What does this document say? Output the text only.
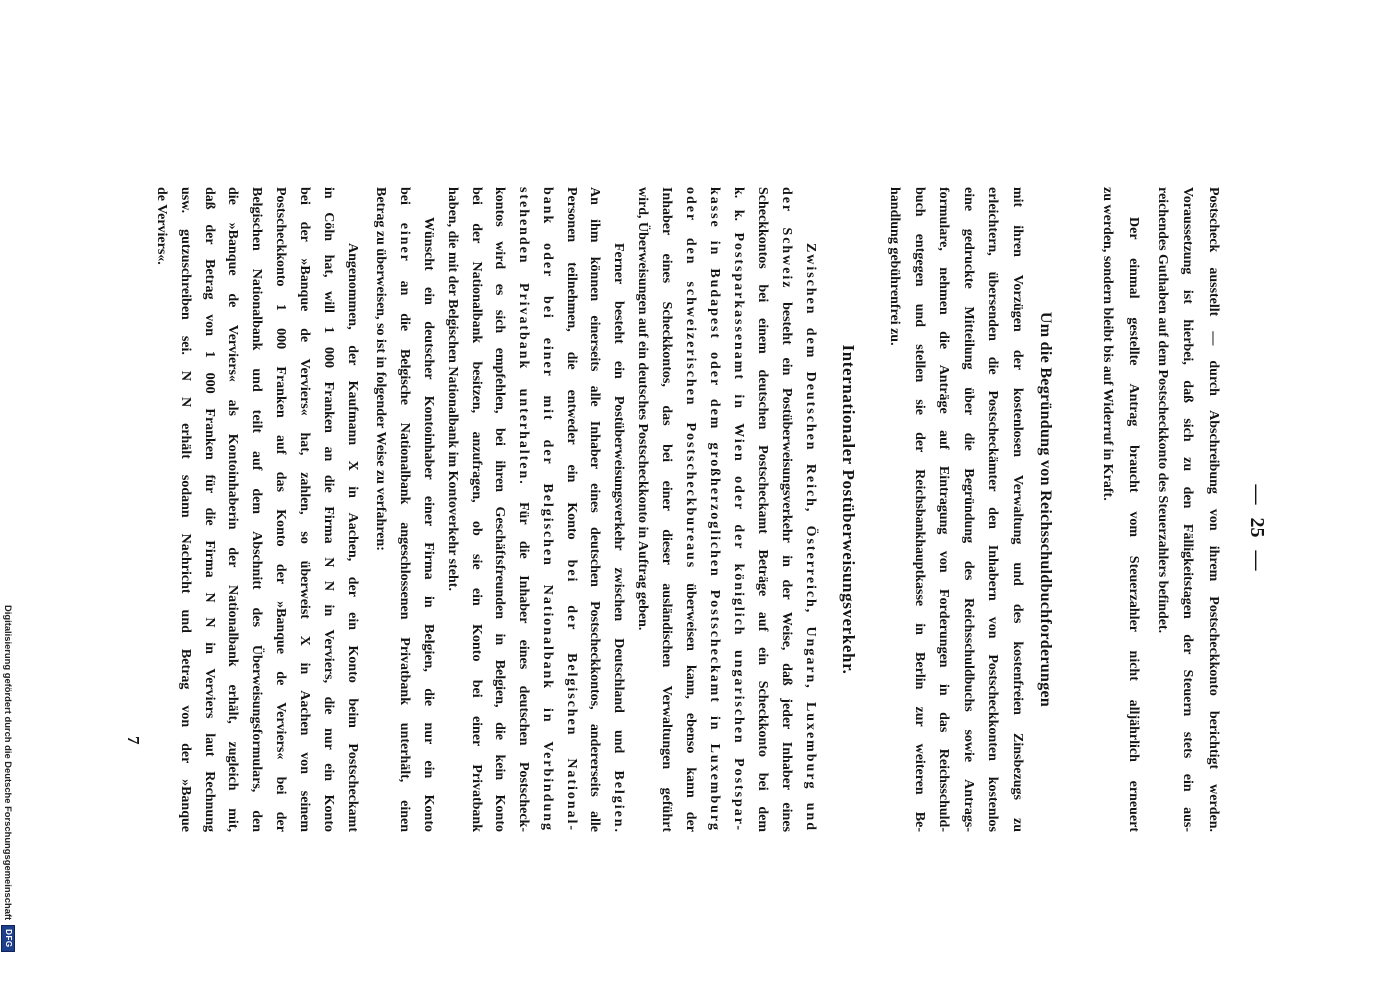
— 25 —
Postscheck ausstellt — durch Abschreibung von ihrem Postscheckkonto berichtigt werden.
Voraussetzung ist hierbei, daß sich zu den Fälligkeitstagen der Steuern stets ein aus-
reichendes Guthaben auf dem Postscheckkonto des Steuerzahlers befindet.
Der einmal gestellte Antrag braucht vom Steuerzahler nicht alljährlich erneuert
zu werden, sondern bleibt bis auf Widerruf in Kraft.
Um die Begründung von Reichsschuldbuchforderungen
mit ihren Vorzügen der kostenlosen Verwaltung und des kostenfreien Zinsbezugs zu
erleichtern, übersenden die Postscheckämter den Inhabern von Postscheckkonten kostenlos
eine gedruckte Mitteilung über die Begründung des Reichsschuldbuchs sowie Antrags-
formulare, nehmen die Anträge auf Eintragung von Forderungen in das Reichsschuld-
buch entgegen und stellen sie der Reichsbankhauptkasse in Berlin zur weiteren Be-
handlung gebührenfrei zu.
Internationaler Postüberweisungsverkehr.
Zwischen dem Deutschen Reich, Österreich, Ungarn, Luxemburg und
der Schweiz besteht ein Postüberweisungsverkehr in der Weise, daß jeder Inhaber eines
Scheckkontos bei einem deutschen Postscheckamt Beträge auf ein Scheckkonto bei dem
k. k. Postsparkassenamt in Wien oder der königlich ungarischen Postspar-
kasse in Budapest oder dem großherzoglichen Postscheckamt in Luxemburg
oder den schweizerischen Postscheckbureaus überweisen kann, ebenso kann der
Inhaber eines Scheckkontos, das bei einer dieser ausländischen Verwaltungen geführt
wird, Überweisungen auf ein deutsches Postscheckkonto in Auftrag geben.
Ferner besteht ein Postüberweisungsverkehr zwischen Deutschland und Belgien.
An ihm können einerseits alle Inhaber eines deutschen Postscheckkontos, andererseits alle
Personen teilnehmen, die entweder ein Konto bei der Belgischen National-
bank oder bei einer mit der Belgischen Nationalbank in Verbindung
stehenden Privatbank unterhalten. Für die Inhaber eines deutschen Postscheck-
kontos wird es sich empfehlen, bei ihren Geschäftsfreunden in Belgien, die kein Konto
bei der Nationalbank besitzen, anzufragen, ob sie ein Konto bei einer Privatbank
haben, die mit der Belgischen Nationalbank im Kontoverkehr steht.
Wünscht ein deutscher Kontoinhaber einer Firma in Belgien, die nur ein Konto
bei einer an die Belgische Nationalbank angeschlossenen Privatbank unterhält, einen
Betrag zu überweisen, so ist in folgender Weise zu verfahren:
Angenommen, der Kaufmann X in Aachen, der ein Konto beim Postscheckamt
in Cöln hat, will 1 000 Franken an die Firma N N in Verviers, die nur ein Konto
bei der »Banque de Verviers« hat, zahlen, so überweist X in Aachen von seinem
Postscheckkonto 1 000 Franken auf das Konto der »Banque de Verviers« bei der
Belgischen Nationalbank und teilt auf dem Abschnitt des Überweisungsformulars, den
die »Banque de Verviers« als Kontoinhaberin der Nationalbank erhält, zugleich mit,
daß der Betrag von 1 000 Franken für die Firma N N in Verviers laut Rechnung
usw. gutzuschreiben sei. N N erhält sodann Nachricht und Betrag von der »Banque
de Verviers«.
7
Digitalisierung gefördert durch die Deutsche Forschungsgemeinschaft
DFG
